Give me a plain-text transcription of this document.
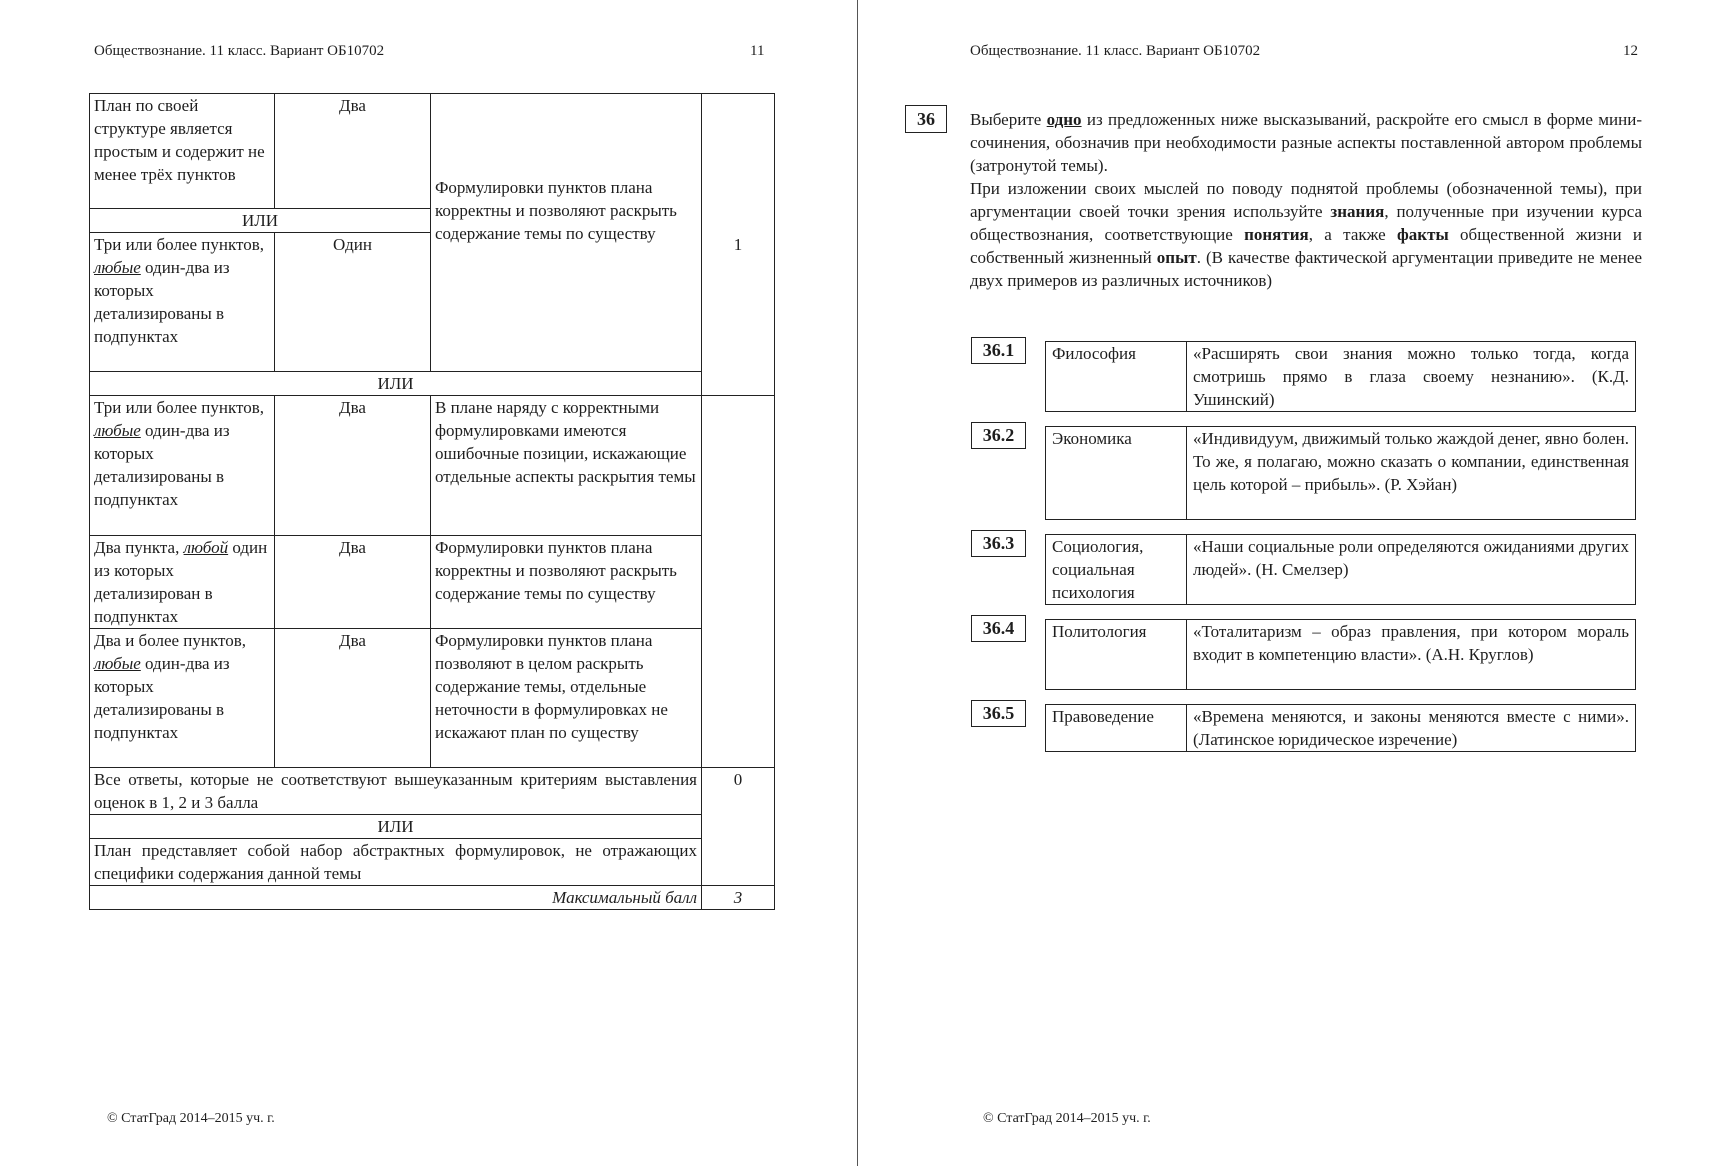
Обществознание. 11 класс. Вариант ОБ10702	11
План по своей структуре является простым и содержит не менее трёх пунктов	Два	Формулировки пунктов плана корректны и позволяют раскрыть содержание темы по существу	1
ИЛИ			
Три или более пунктов, любые один-два из которых детализированы в подпунктах	Один		
ИЛИ			
Три или более пунктов, любые один-два из которых детализированы в подпунктах	Два	В плане наряду с корректными формулировками имеются ошибочные позиции, искажающие отдельные аспекты раскрытия темы	
Два пункта, любой один из которых детализирован в подпунктах	Два	Формулировки пунктов плана корректны и позволяют раскрыть содержание темы по существу	
Два и более пунктов, любые один-два из которых детализированы в подпунктах	Два	Формулировки пунктов плана позволяют в целом раскрыть содержание темы, отдельные неточности в формулировках не искажают план по существу	
Все ответы, которые не соответствуют вышеуказанным критериям выставления оценок в 1, 2 и 3 балла			0
ИЛИ			
План представляет собой набор абстрактных формулировок, не отражающих специфики содержания данной темы			
Максимальный балл			3
© СтатГрад 2014–2015 уч. г.
Обществознание. 11 класс. Вариант ОБ10702	12
36	Выберите одно из предложенных ниже высказываний, раскройте его смысл в форме мини-сочинения, обозначив при необходимости разные аспекты поставленной автором проблемы (затронутой темы).

При изложении своих мыслей по поводу поднятой проблемы (обозначенной темы), при аргументации своей точки зрения используйте знания, полученные при изучении курса обществознания, соответствующие понятия, а также факты общественной жизни и собственный жизненный опыт. (В качестве фактической аргументации приведите не менее двух примеров из различных источников)

36.1	Философия	«Расширять свои знания можно только тогда, когда смотришь прямо в глаза своему незнанию». (К.Д. Ушинский)
36.2	Экономика	«Индивидуум, движимый только жаждой денег, явно болен. То же, я полагаю, можно сказать о компании, единственная цель которой – прибыль». (Р. Хэйан)
36.3	Социология, социальная психология	«Наши социальные роли определяются ожиданиями других людей». (Н. Смелзер)
36.4	Политология	«Тоталитаризм – образ правления, при котором мораль входит в компетенцию власти». (А.Н. Круглов)
36.5	Правоведение	«Времена меняются, и законы меняются вместе с ними». (Латинское юридическое изречение)
© СтатГрад 2014–2015 уч. г.
